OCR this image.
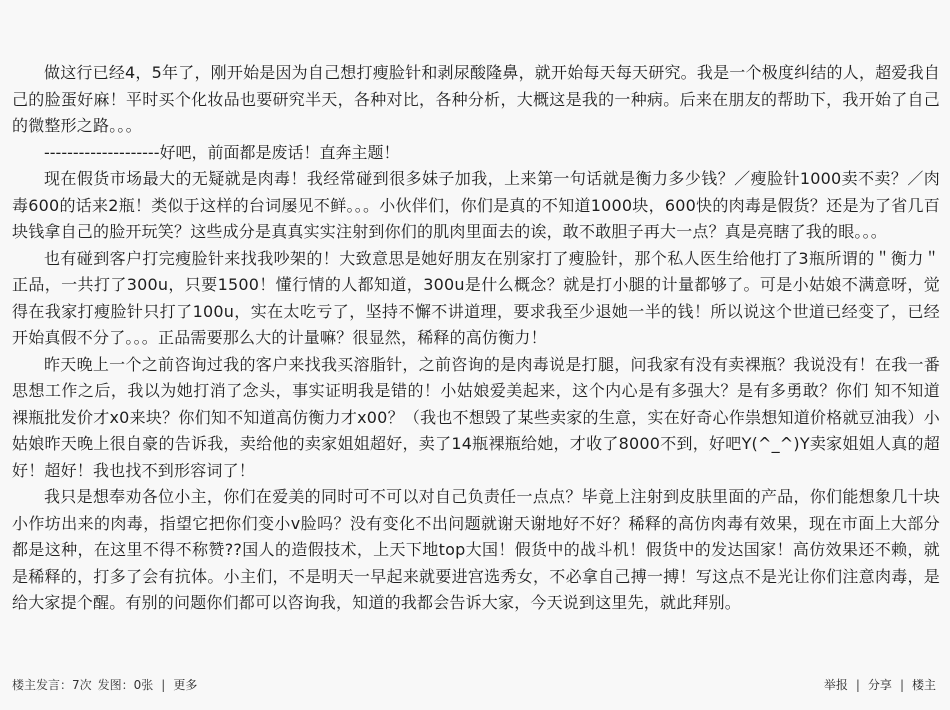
做这行已经4，5年了，刚开始是因为自己想打瘦脸针和剥尿酸隆鼻，就开始每天每天研究。我是一个极度纠结的人，超爱我自己的脸蛋好麻！平时买个化妆品也要研究半天，各种对比，各种分析，大概这是我的一种病。后来在朋友的帮助下，我开始了自己的微整形之路。。。

--------------------好吧，前面都是废话！直奔主题！

现在假货市场最大的无疑就是肉毒！我经常碰到很多妹子加我，上来第一句话就是衡力多少钱？／瘦脸针1000卖不卖？／肉毒600的话来2瓶！类似于这样的台词屡见不鲜。。。小伙伴们，你们是真的不知道1000块，600快的肉毒是假货？还是为了省几百块钱拿自己的脸开玩笑？这些成分是真真实实注射到你们的肌肉里面去的诶，敢不敢胆子再大一点？真是亮瞎了我的眼。。。

也有碰到客户打完瘦脸针来找我吵架的！大致意思是她好朋友在别家打了瘦脸针，那个私人医生给他打了3瓶所谓的＂衡力＂正品，一共打了300u，只要1500！懂行情的人都知道，300u是什么概念？就是打小腿的计量都够了。可是小姑娘不满意呀，觉得在我家打瘦脸针只打了100u，实在太吃亏了，坚持不懈不讲道理，要求我至少退她一半的钱！所以说这个世道已经变了，已经开始真假不分了。。。正品需要那么大的计量嘛？很显然，稀释的高仿衡力！

昨天晚上一个之前咨询过我的客户来找我买溶脂针，之前咨询的是肉毒说是打腿，问我家有没有卖裸瓶？我说没有！在我一番思想工作之后，我以为她打消了念头，事实证明我是错的！小姑娘爱美起来，这个内心是有多强大？是有多勇敢？你们 知不知道裸瓶批发价才x0来块？你们知不知道高仿衡力才x00？（我也不想毁了某些卖家的生意，实在好奇心作祟想知道价格就豆油我）小姑娘昨天晚上很自豪的告诉我，卖给他的卖家姐姐超好，卖了14瓶裸瓶给她，才收了8000不到，好吧Y(^_^)Y卖家姐姐人真的超好！超好！我也找不到形容词了！

我只是想奉劝各位小主，你们在爱美的同时可不可以对自己负责任一点点？毕竟上注射到皮肤里面的产品，你们能想象几十块小作坊出来的肉毒，指望它把你们变小v脸吗？没有变化不出问题就谢天谢地好不好？稀释的高仿肉毒有效果，现在市面上大部分都是这种，在这里不得不称赞??国人的造假技术，上天下地top大国！假货中的战斗机！假货中的发达国家！高仿效果还不赖，就是稀释的，打多了会有抗体。小主们，不是明天一早起来就要进宫选秀女，不必拿自己搏一搏！写这点不是光让你们注意肉毒，是给大家提个醒。有别的问题你们都可以咨询我，知道的我都会告诉大家，今天说到这里先，就此拜别。

楼主发言：7次 发图：0张 | 更多	举报 | 分享 | 楼主
